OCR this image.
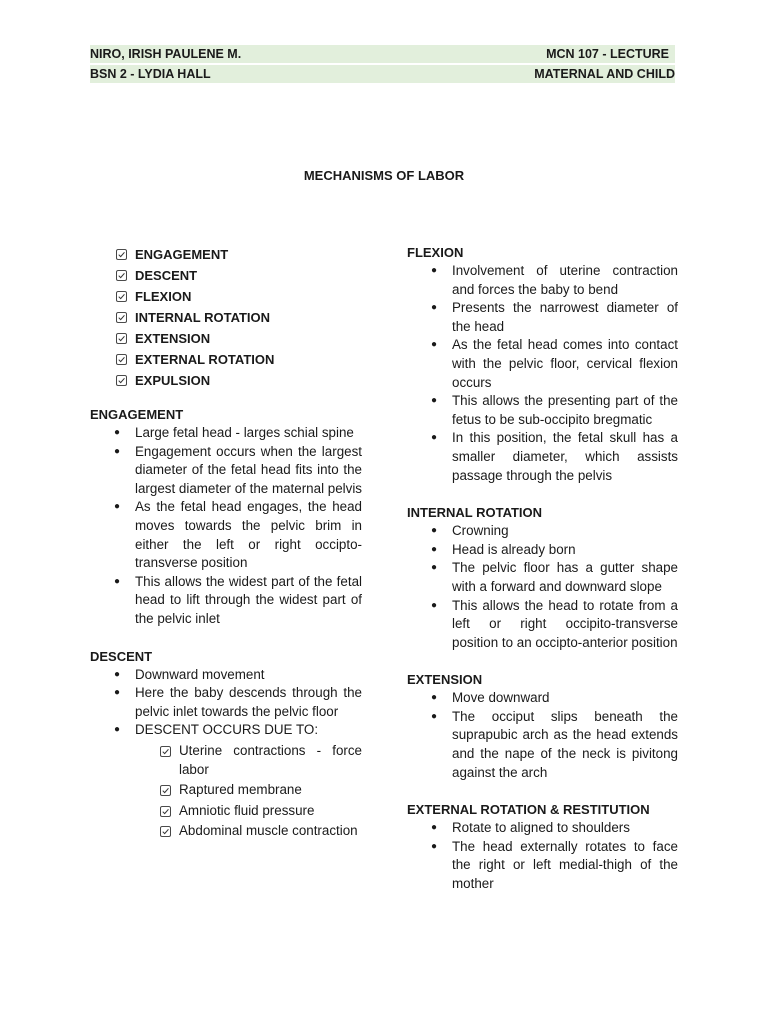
NIRO, IRISH PAULENE M.	MCN 107 - LECTURE
BSN 2 - LYDIA HALL	MATERNAL AND CHILD
MECHANISMS OF LABOR
ENGAGEMENT
DESCENT
FLEXION
INTERNAL ROTATION
EXTENSION
EXTERNAL ROTATION
EXPULSION
ENGAGEMENT
● Large fetal head - larges schial spine
● Engagement occurs when the largest diameter of the fetal head fits into the largest diameter of the maternal pelvis
● As the fetal head engages, the head moves towards the pelvic brim in either the left or right occipto-transverse position
● This allows the widest part of the fetal head to lift through the widest part of the pelvic inlet
DESCENT
● Downward movement
● Here the baby descends through the pelvic inlet towards the pelvic floor
● DESCENT OCCURS DUE TO:
Uterine contractions - force labor
Raptured membrane
Amniotic fluid pressure
Abdominal muscle contraction
FLEXION
● Involvement of uterine contraction and forces the baby to bend
● Presents the narrowest diameter of the head
● As the fetal head comes into contact with the pelvic floor, cervical flexion occurs
● This allows the presenting part of the fetus to be sub-occipito bregmatic
● In this position, the fetal skull has a smaller diameter, which assists passage through the pelvis
INTERNAL ROTATION
● Crowning
● Head is already born
● The pelvic floor has a gutter shape with a forward and downward slope
● This allows the head to rotate from a left or right occipito-transverse position to an occipto-anterior position
EXTENSION
● Move downward
● The occiput slips beneath the suprapubic arch as the head extends and the nape of the neck is pivitong against the arch
EXTERNAL ROTATION & RESTITUTION
● Rotate to aligned to shoulders
● The head externally rotates to face the right or left medial-thigh of the mother
